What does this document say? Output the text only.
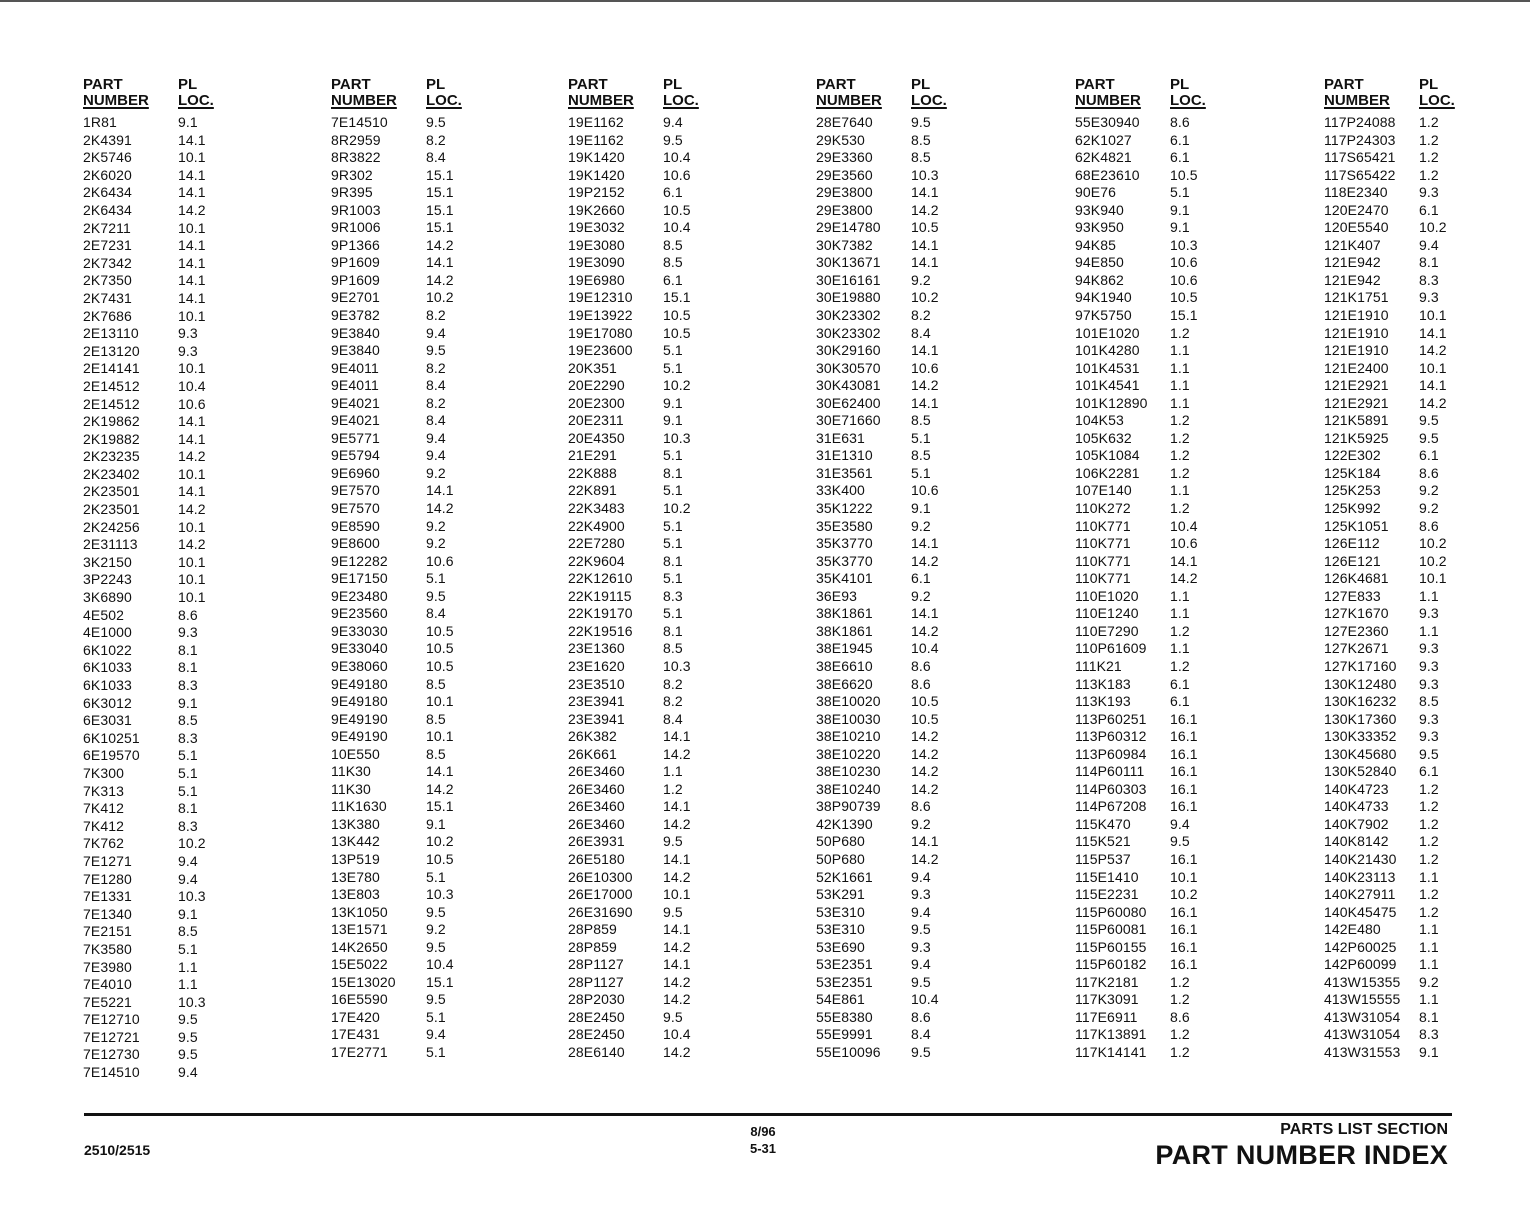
PART
NUMBER
PL
LOC.
1R81	9.1
2K4391	14.1
2K5746	10.1
2K6020	14.1
2K6434	14.1
2K6434	14.2
2K7211	10.1
2E7231	14.1
2K7342	14.1
2K7350	14.1
2K7431	14.1
2K7686	10.1
2E13110	9.3
2E13120	9.3
2E14141	10.1
2E14512	10.4
2E14512	10.6
2K19862	14.1
2K19882	14.1
2K23235	14.2
2K23402	10.1
2K23501	14.1
2K23501	14.2
2K24256	10.1
2E31113	14.2
3K2150	10.1
3P2243	10.1
3K6890	10.1
4E502	8.6
4E1000	9.3
6K1022	8.1
6K1033	8.1
6K1033	8.3
6K3012	9.1
6E3031	8.5
6K10251	8.3
6E19570	5.1
7K300	5.1
7K313	5.1
7K412	8.1
7K412	8.3
7K762	10.2
7E1271	9.4
7E1280	9.4
7E1331	10.3
7E1340	9.1
7E2151	8.5
7K3580	5.1
7E3980	1.1
7E4010	1.1
7E5221	10.3
7E12710	9.5
7E12721	9.5
7E12730	9.5
7E14510	9.4
PART
NUMBER
PL
LOC.
7E14510	9.5
8R2959	8.2
8R3822	8.4
9R302	15.1
9R395	15.1
9R1003	15.1
9R1006	15.1
9P1366	14.2
9P1609	14.1
9P1609	14.2
9E2701	10.2
9E3782	8.2
9E3840	9.4
9E3840	9.5
9E4011	8.2
9E4011	8.4
9E4021	8.2
9E4021	8.4
9E5771	9.4
9E5794	9.4
9E6960	9.2
9E7570	14.1
9E7570	14.2
9E8590	9.2
9E8600	9.2
9E12282	10.6
9E17150	5.1
9E23480	9.5
9E23560	8.4
9E33030	10.5
9E33040	10.5
9E38060	10.5
9E49180	8.5
9E49180	10.1
9E49190	8.5
9E49190	10.1
10E550	8.5
11K30	14.1
11K30	14.2
11K1630	15.1
13K380	9.1
13K442	10.2
13P519	10.5
13E780	5.1
13E803	10.3
13K1050	9.5
13E1571	9.2
14K2650	9.5
15E5022	10.4
15E13020	15.1
16E5590	9.5
17E420	5.1
17E431	9.4
17E2771	5.1
PART
NUMBER
PL
LOC.
19E1162	9.4
19E1162	9.5
19K1420	10.4
19K1420	10.6
19P2152	6.1
19K2660	10.5
19E3032	10.4
19E3080	8.5
19E3090	8.5
19E6980	6.1
19E12310	15.1
19E13922	10.5
19E17080	10.5
19E23600	5.1
20K351	5.1
20E2290	10.2
20E2300	9.1
20E2311	9.1
20E4350	10.3
21E291	5.1
22K888	8.1
22K891	5.1
22K3483	10.2
22K4900	5.1
22E7280	5.1
22K9604	8.1
22K12610	5.1
22K19115	8.3
22K19170	5.1
22K19516	8.1
23E1360	8.5
23E1620	10.3
23E3510	8.2
23E3941	8.2
23E3941	8.4
26K382	14.1
26K661	14.2
26E3460	1.1
26E3460	1.2
26E3460	14.1
26E3460	14.2
26E3931	9.5
26E5180	14.1
26E10300	14.2
26E17000	10.1
26E31690	9.5
28P859	14.1
28P859	14.2
28P1127	14.1
28P1127	14.2
28P2030	14.2
28E2450	9.5
28E2450	10.4
28E6140	14.2
PART
NUMBER
PL
LOC.
28E7640	9.5
29K530	8.5
29E3360	8.5
29E3560	10.3
29E3800	14.1
29E3800	14.2
29E14780	10.5
30K7382	14.1
30K13671	14.1
30E16161	9.2
30E19880	10.2
30K23302	8.2
30K23302	8.4
30K29160	14.1
30K30570	10.6
30K43081	14.2
30E62400	14.1
30E71660	8.5
31E631	5.1
31E1310	8.5
31E3561	5.1
33K400	10.6
35K1222	9.1
35E3580	9.2
35K3770	14.1
35K3770	14.2
35K4101	6.1
36E93	9.2
38K1861	14.1
38K1861	14.2
38E1945	10.4
38E6610	8.6
38E6620	8.6
38E10020	10.5
38E10030	10.5
38E10210	14.2
38E10220	14.2
38E10230	14.2
38E10240	14.2
38P90739	8.6
42K1390	9.2
50P680	14.1
50P680	14.2
52K1661	9.4
53K291	9.3
53E310	9.4
53E310	9.5
53E690	9.3
53E2351	9.4
53E2351	9.5
54E861	10.4
55E8380	8.6
55E9991	8.4
55E10096	9.5
PART
NUMBER
PL
LOC.
55E30940	8.6
62K1027	6.1
62K4821	6.1
68E23610	10.5
90E76	5.1
93K940	9.1
93K950	9.1
94K85	10.3
94E850	10.6
94K862	10.6
94K1940	10.5
97K5750	15.1
101E1020	1.2
101K4280	1.1
101K4531	1.1
101K4541	1.1
101K12890	1.1
104K53	1.2
105K632	1.2
105K1084	1.2
106K2281	1.2
107E140	1.1
110K272	1.2
110K771	10.4
110K771	10.6
110K771	14.1
110K771	14.2
110E1020	1.1
110E1240	1.1
110E7290	1.2
110P61609	1.1
111K21	1.2
113K183	6.1
113K193	6.1
113P60251	16.1
113P60312	16.1
113P60984	16.1
114P60111	16.1
114P60303	16.1
114P67208	16.1
115K470	9.4
115K521	9.5
115P537	16.1
115E1410	10.1
115E2231	10.2
115P60080	16.1
115P60081	16.1
115P60155	16.1
115P60182	16.1
117K2181	1.2
117K3091	1.2
117E6911	8.6
117K13891	1.2
117K14141	1.2
PART
NUMBER
PL
LOC.
117P24088	1.2
117P24303	1.2
117S65421	1.2
117S65422	1.2
118E2340	9.3
120E2470	6.1
120E5540	10.2
121K407	9.4
121E942	8.1
121E942	8.3
121K1751	9.3
121E1910	10.1
121E1910	14.1
121E1910	14.2
121E2400	10.1
121E2921	14.1
121E2921	14.2
121K5891	9.5
121K5925	9.5
122E302	6.1
125K184	8.6
125K253	9.2
125K992	9.2
125K1051	8.6
126E112	10.2
126E121	10.2
126K4681	10.1
127E833	1.1
127K1670	9.3
127E2360	1.1
127K2671	9.3
127K17160	9.3
130K12480	9.3
130K16232	8.5
130K17360	9.3
130K33352	9.3
130K45680	9.5
130K52840	6.1
140K4723	1.2
140K4733	1.2
140K7902	1.2
140K8142	1.2
140K21430	1.2
140K23113	1.1
140K27911	1.2
140K45475	1.2
142E480	1.1
142P60025	1.1
142P60099	1.1
413W15355	9.2
413W15555	1.1
413W31054	8.1
413W31054	8.3
413W31553	9.1
2510/2515
8/96
5-31
PARTS LIST SECTION
PART NUMBER INDEX
